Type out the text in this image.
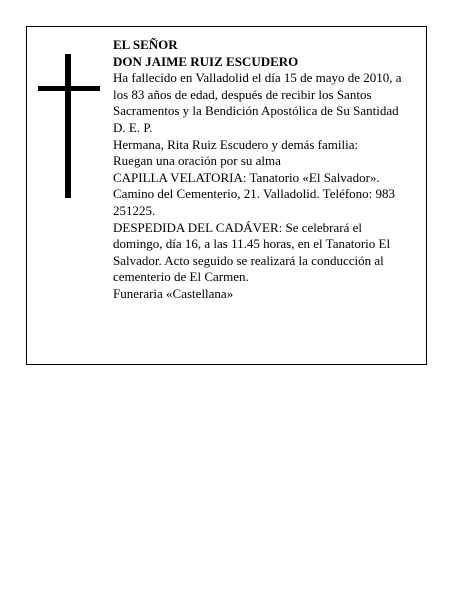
EL SEÑOR
DON JAIME RUIZ ESCUDERO
Ha fallecido en Valladolid el día 15 de mayo de 2010, a
los 83 años de edad, después de recibir los Santos
Sacramentos y la Bendición Apostólica de Su Santidad
D. E. P.
Hermana, Rita Ruiz Escudero y demás familia:
Ruegan una oración por su alma
CAPILLA VELATORIA: Tanatorio «El Salvador».
Camino del Cementerio, 21. Valladolid. Teléfono: 983
251225.
DESPEDIDA DEL CADÁVER: Se celebrará el
domingo, día 16, a las 11.45 horas, en el Tanatorio El
Salvador. Acto seguido se realizará la conducción al
cementerio de El Carmen.
Funeraria «Castellana»
